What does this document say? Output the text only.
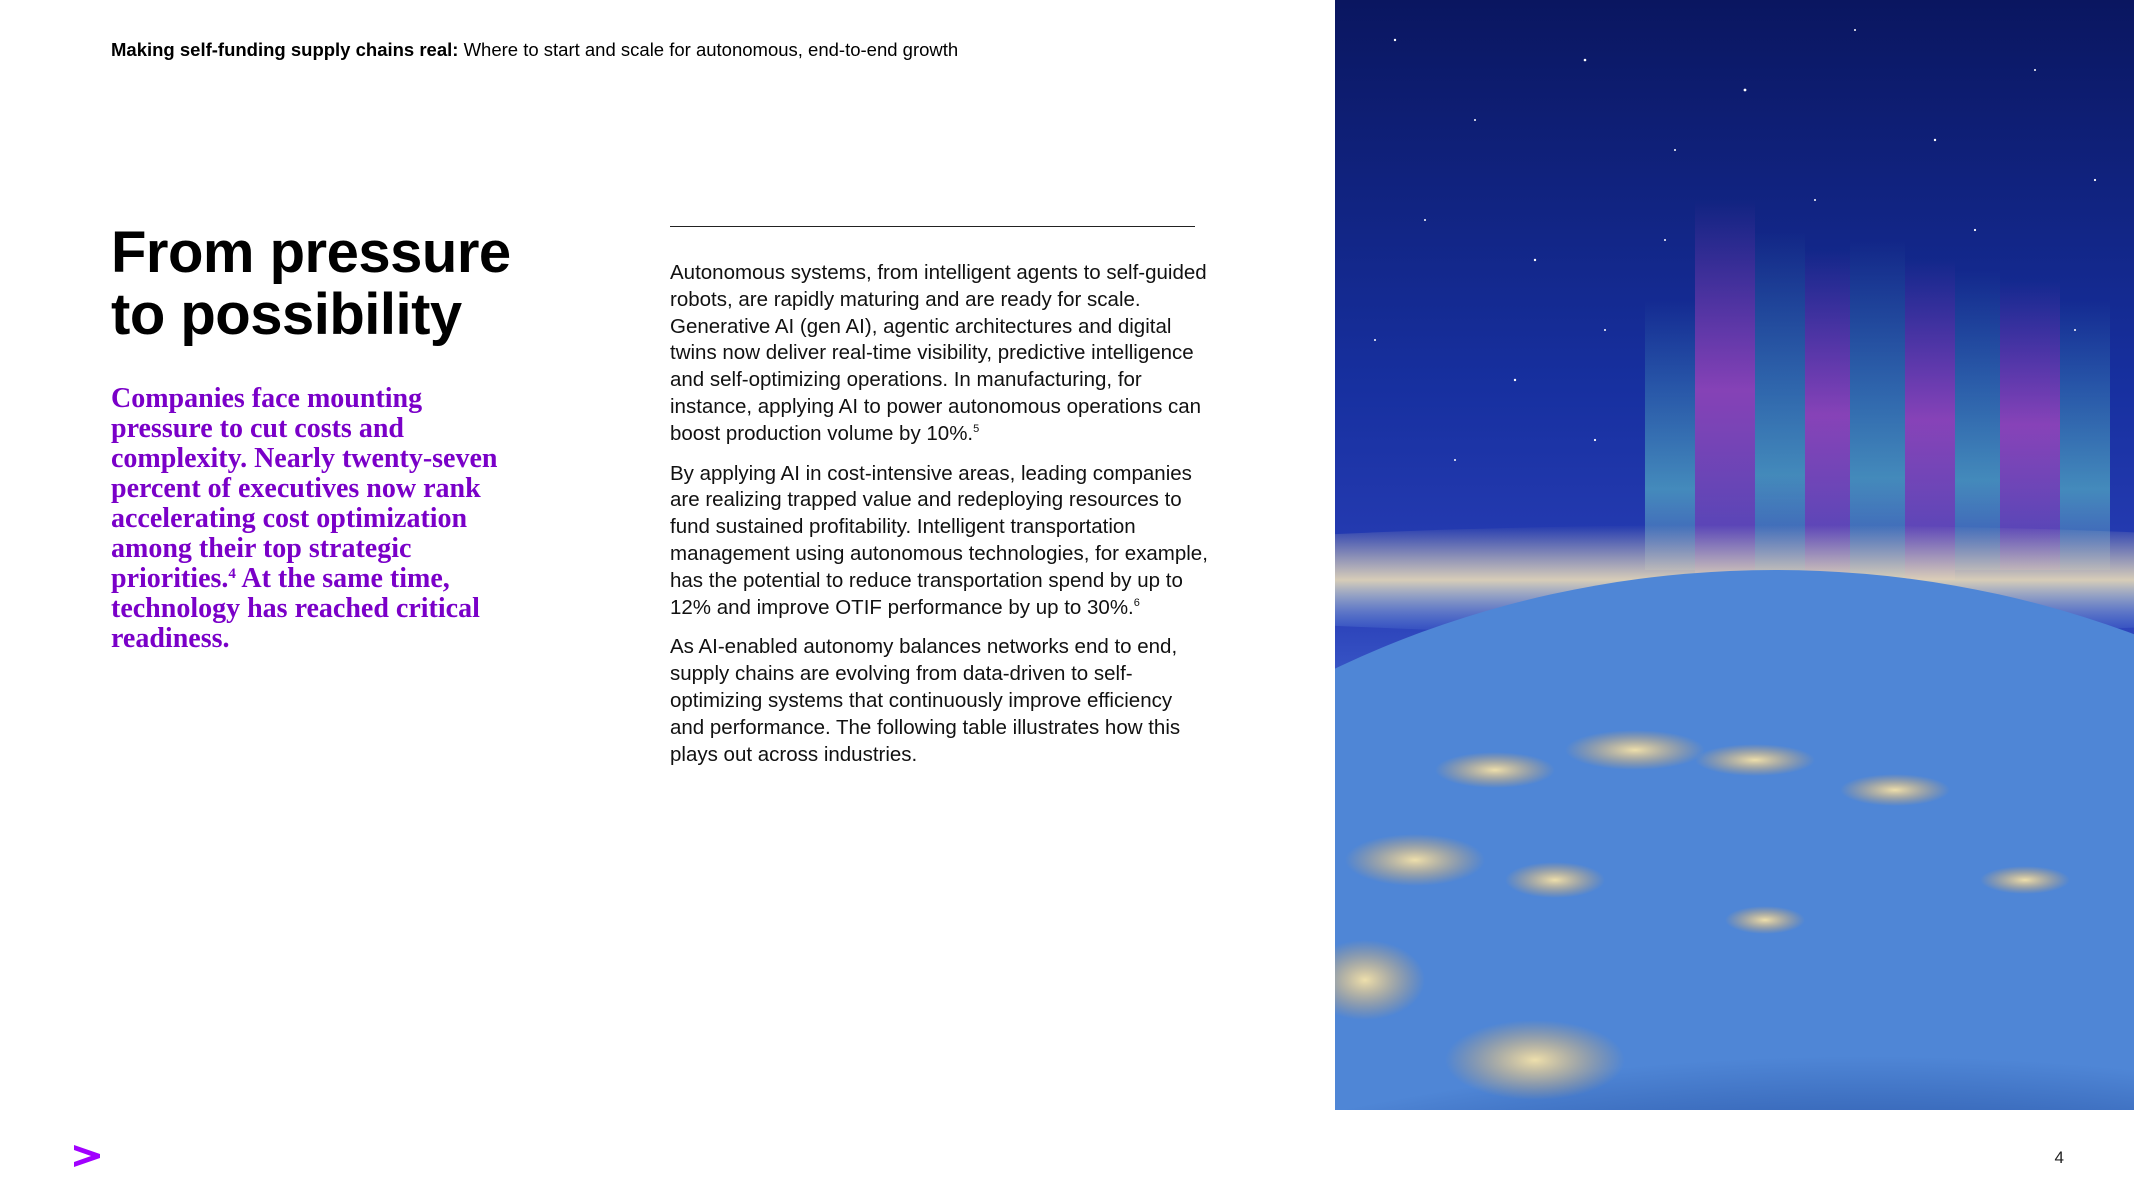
Making self-funding supply chains real: Where to start and scale for autonomous, end-to-end growth
From pressure
to possibility

Companies face mounting pressure to cut costs and complexity. Nearly twenty-seven percent of executives now rank accelerating cost optimization among their top strategic priorities.$^4$ At the same time, technology has reached critical readiness.

Autonomous systems, from intelligent agents to self-guided robots, are rapidly maturing and are ready for scale. Generative AI (gen AI), agentic architectures and digital twins now deliver real-time visibility, predictive intelligence and self-optimizing operations. In manufacturing, for instance, applying AI to power autonomous operations can boost production volume by 10%.$^5$

By applying AI in cost-intensive areas, leading companies are realizing trapped value and redeploying resources to fund sustained profitability. Intelligent transportation management using autonomous technologies, for example, has the potential to reduce transportation spend by up to 12% and improve OTIF performance by up to 30%.$^6$

As AI-enabled autonomy balances networks end to end, supply chains are evolving from data-driven to self-optimizing systems that continuously improve efficiency and performance. The following table illustrates how this plays out across industries.

4
